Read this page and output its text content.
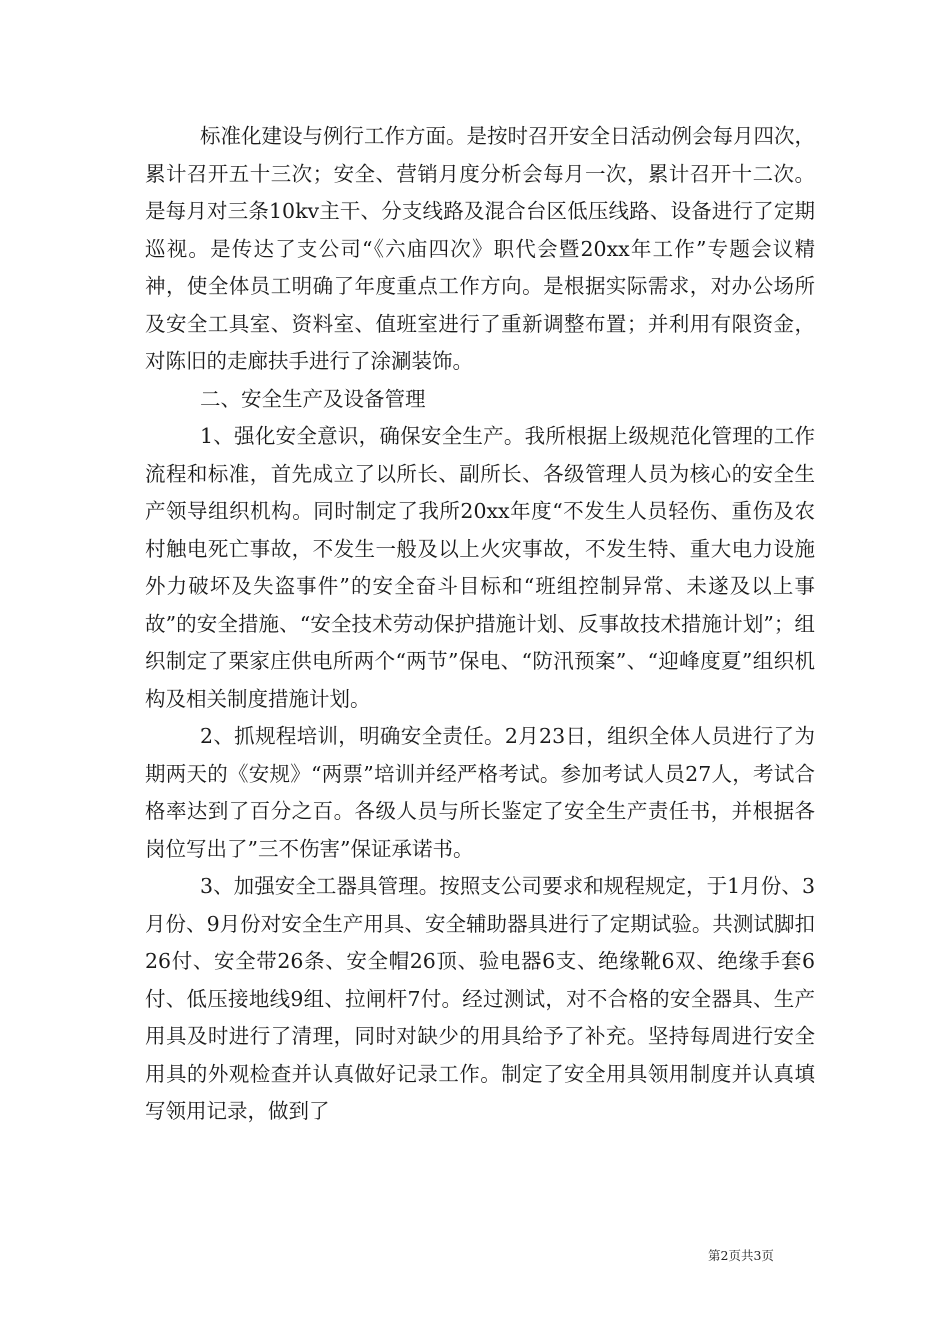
标准化建设与例行工作方面。是按时召开安全日活动例会每月四次，累计召开五十三次；安全、营销月度分析会每月一次，累计召开十二次。是每月对三条10kv主干、分支线路及混合台区低压线路、设备进行了定期巡视。是传达了支公司“《六庙四次》职代会暨20xx年工作”专题会议精神，使全体员工明确了年度重点工作方向。是根据实际需求，对办公场所及安全工具室、资料室、值班室进行了重新调整布置；并利用有限资金，对陈旧的走廊扶手进行了涂涮装饰。

二、安全生产及设备管理

1、强化安全意识，确保安全生产。我所根据上级规范化管理的工作流程和标准，首先成立了以所长、副所长、各级管理人员为核心的安全生产领导组织机构。同时制定了我所20xx年度“不发生人员轻伤、重伤及农村触电死亡事故，不发生一般及以上火灾事故，不发生特、重大电力设施外力破坏及失盗事件”的安全奋斗目标和“班组控制异常、未遂及以上事故”的安全措施、“安全技术劳动保护措施计划、反事故技术措施计划”；组织制定了栗家庄供电所两个“两节”保电、“防汛预案”、“迎峰度夏”组织机构及相关制度措施计划。

2、抓规程培训，明确安全责任。2月23日，组织全体人员进行了为期两天的《安规》“两票”培训并经严格考试。参加考试人员27人，考试合格率达到了百分之百。各级人员与所长鉴定了安全生产责任书，并根据各岗位写出了”三不伤害”保证承诺书。

3、加强安全工器具管理。按照支公司要求和规程规定，于1月份、3月份、9月份对安全生产用具、安全辅助器具进行了定期试验。共测试脚扣26付、安全带26条、安全帽26顶、验电器6支、绝缘靴6双、绝缘手套6付、低压接地线9组、拉闸杆7付。经过测试，对不合格的安全器具、生产用具及时进行了清理，同时对缺少的用具给予了补充。坚持每周进行安全用具的外观检查并认真做好记录工作。制定了安全用具领用制度并认真填写领用记录，做到了

第2页共3页
